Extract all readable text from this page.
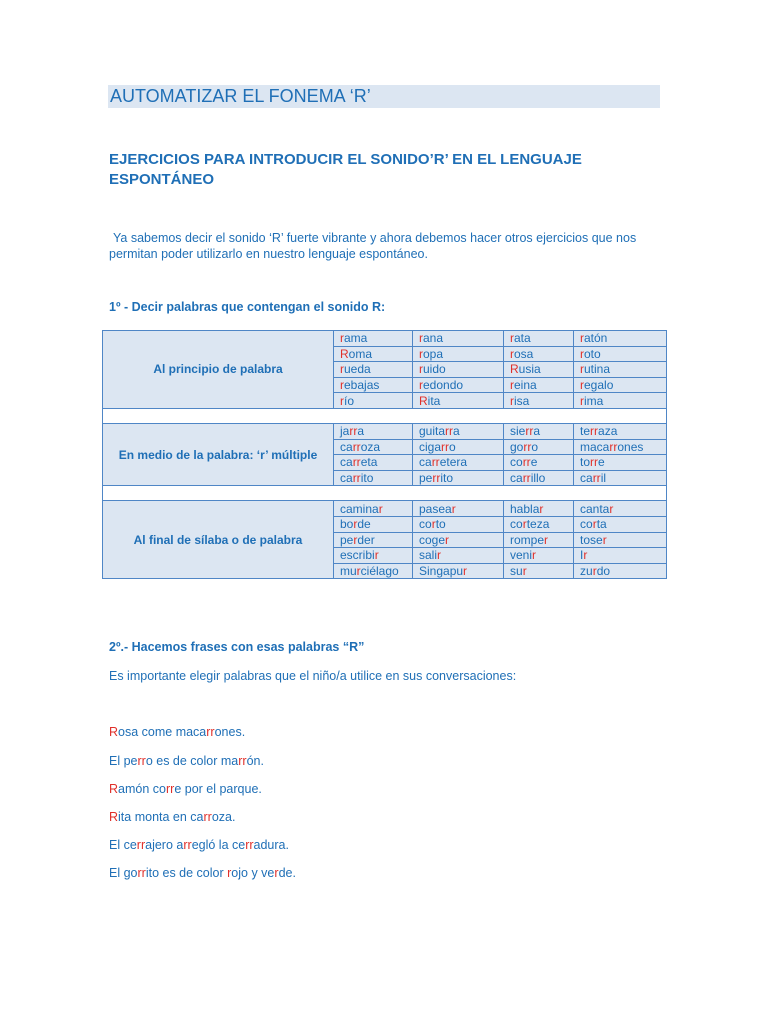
AUTOMATIZAR EL FONEMA ‘R’
EJERCICIOS PARA INTRODUCIR EL SONIDO’R’ EN EL LENGUAJE ESPONTÁNEO
Ya sabemos decir el sonido ‘R’ fuerte vibrante y ahora debemos hacer otros ejercicios que nos permitan poder utilizarlo en nuestro lenguaje espontáneo.
1º - Decir palabras que contengan el sonido R:
Al principio de palabra	rama	rana	rata	ratón
	Roma	ropa	rosa	roto
	rueda	ruido	Rusia	rutina
	rebajas	redondo	reina	regalo
	río	Rita	risa	rima

En medio de la palabra: ‘r’ múltiple	jarra	guitarra	sierra	terraza
	carroza	cigarro	gorro	macarrones
	carreta	carretera	corre	torre
	carrito	perrito	carrillo	carril

Al final de sílaba o de palabra	caminar	pasear	hablar	cantar
	borde	corto	corteza	corta
	perder	coger	romper	toser
	escribir	salir	venir	Ir
	murciélago	Singapur	sur	zurdo
2º.- Hacemos frases con esas palabras “R”
Es importante elegir palabras que el niño/a utilice en sus conversaciones:
Rosa come macarrones.
El perro es de color marrón.
Ramón corre por el parque.
Rita monta en carroza.
El cerrajero arregló la cerradura.
El gorrito es de color rojo y verde.
